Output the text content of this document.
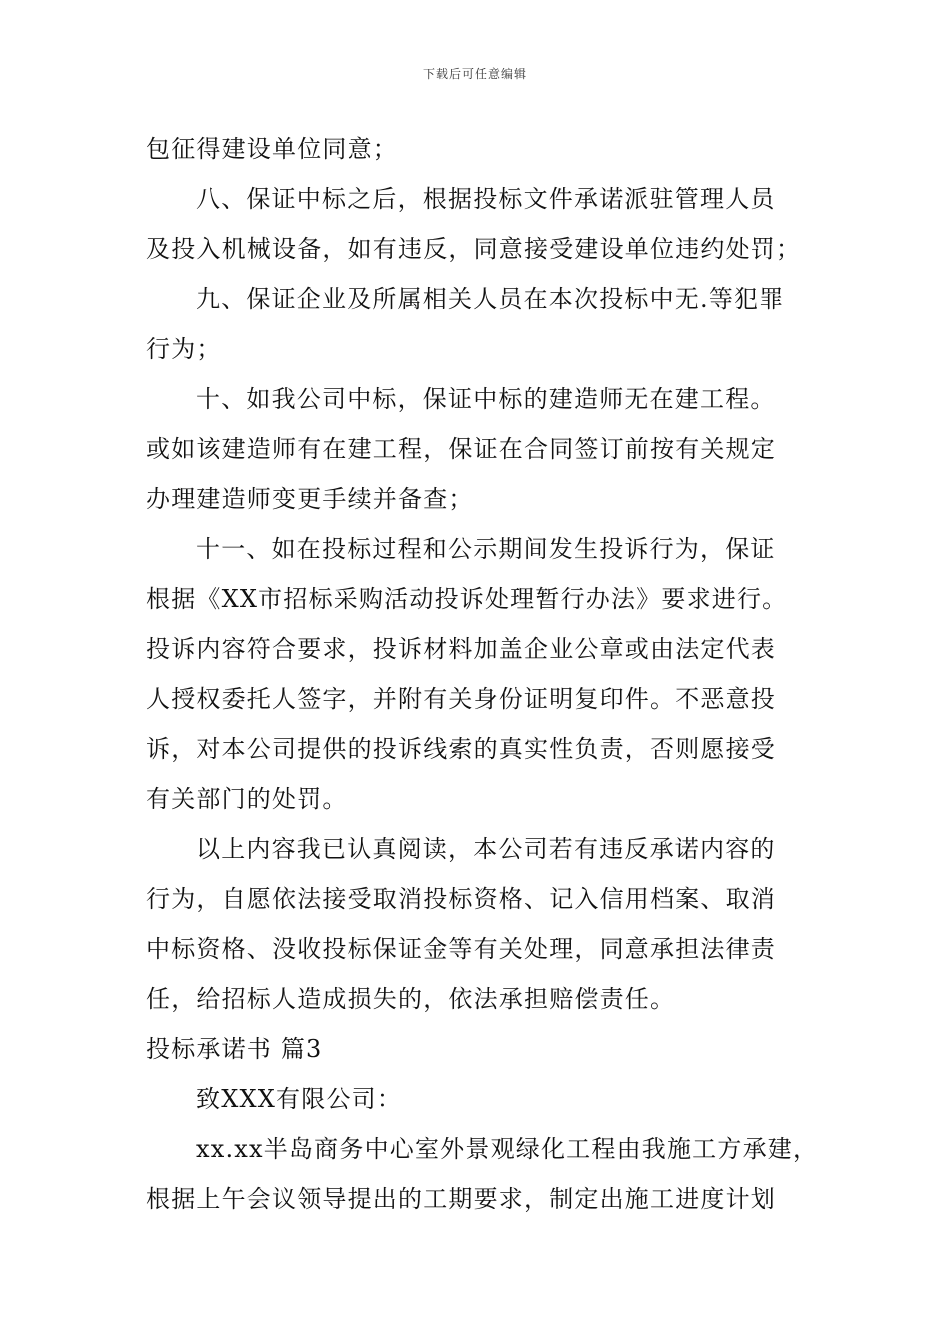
下载后可任意编辑
包征得建设单位同意；
八、保证中标之后，根据投标文件承诺派驻管理人员
及投入机械设备，如有违反，同意接受建设单位违约处罚；
九、保证企业及所属相关人员在本次投标中无.等犯罪
行为；
十、如我公司中标，保证中标的建造师无在建工程。
或如该建造师有在建工程，保证在合同签订前按有关规定
办理建造师变更手续并备查；
十一、如在投标过程和公示期间发生投诉行为，保证
根据《XX市招标采购活动投诉处理暂行办法》要求进行。
投诉内容符合要求，投诉材料加盖企业公章或由法定代表
人授权委托人签字，并附有关身份证明复印件。不恶意投
诉，对本公司提供的投诉线索的真实性负责，否则愿接受
有关部门的处罚。
以上内容我已认真阅读，本公司若有违反承诺内容的
行为，自愿依法接受取消投标资格、记入信用档案、取消
中标资格、没收投标保证金等有关处理，同意承担法律责
任，给招标人造成损失的，依法承担赔偿责任。
投标承诺书 篇3
致XXX有限公司：
xx.xx半岛商务中心室外景观绿化工程由我施工方承建，
根据上午会议领导提出的工期要求，制定出施工进度计划
